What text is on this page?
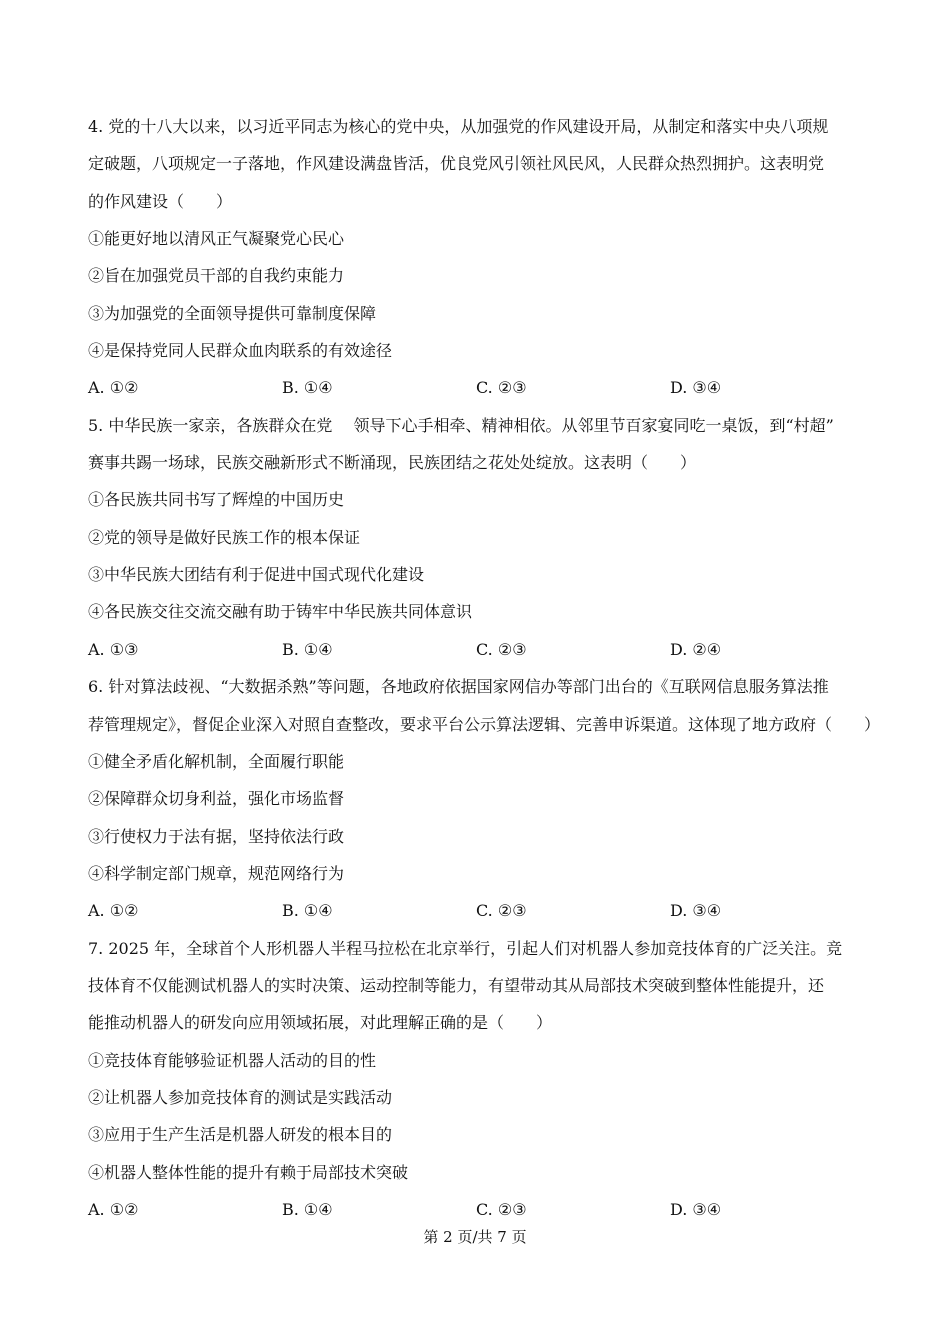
4. 党的十八大以来，以习近平同志为核心的党中央，从加强党的作风建设开局，从制定和落实中央八项规
定破题，八项规定一子落地，作风建设满盘皆活，优良党风引领社风民风，人民群众热烈拥护。这表明党
的作风建设（　　）
①能更好地以清风正气凝聚党心民心
②旨在加强党员干部的自我约束能力
③为加强党的全面领导提供可靠制度保障
④是保持党同人民群众血肉联系的有效途径
A. ①②	B. ①④	C. ②③	D. ③④
5. 中华民族一家亲，各族群众在党　 领导下心手相牵、精神相依。从邻里节百家宴同吃一桌饭，到“村超”
赛事共踢一场球，民族交融新形式不断涌现，民族团结之花处处绽放。这表明（　　）
①各民族共同书写了辉煌的中国历史
②党的领导是做好民族工作的根本保证
③中华民族大团结有利于促进中国式现代化建设
④各民族交往交流交融有助于铸牢中华民族共同体意识
A. ①③	B. ①④	C. ②③	D. ②④
6. 针对算法歧视、“大数据杀熟”等问题，各地政府依据国家网信办等部门出台的《互联网信息服务算法推
荐管理规定》，督促企业深入对照自查整改，要求平台公示算法逻辑、完善申诉渠道。这体现了地方政府（　　）
①健全矛盾化解机制，全面履行职能
②保障群众切身利益，强化市场监督
③行使权力于法有据，坚持依法行政
④科学制定部门规章，规范网络行为
A. ①②	B. ①④	C. ②③	D. ③④
7. 2025 年，全球首个人形机器人半程马拉松在北京举行，引起人们对机器人参加竞技体育的广泛关注。竞
技体育不仅能测试机器人的实时决策、运动控制等能力，有望带动其从局部技术突破到整体性能提升，还
能推动机器人的研发向应用领域拓展，对此理解正确的是（　　）
①竞技体育能够验证机器人活动的目的性
②让机器人参加竞技体育的测试是实践活动
③应用于生产生活是机器人研发的根本目的
④机器人整体性能的提升有赖于局部技术突破
A. ①②	B. ①④	C. ②③	D. ③④
第 2 页/共 7 页
